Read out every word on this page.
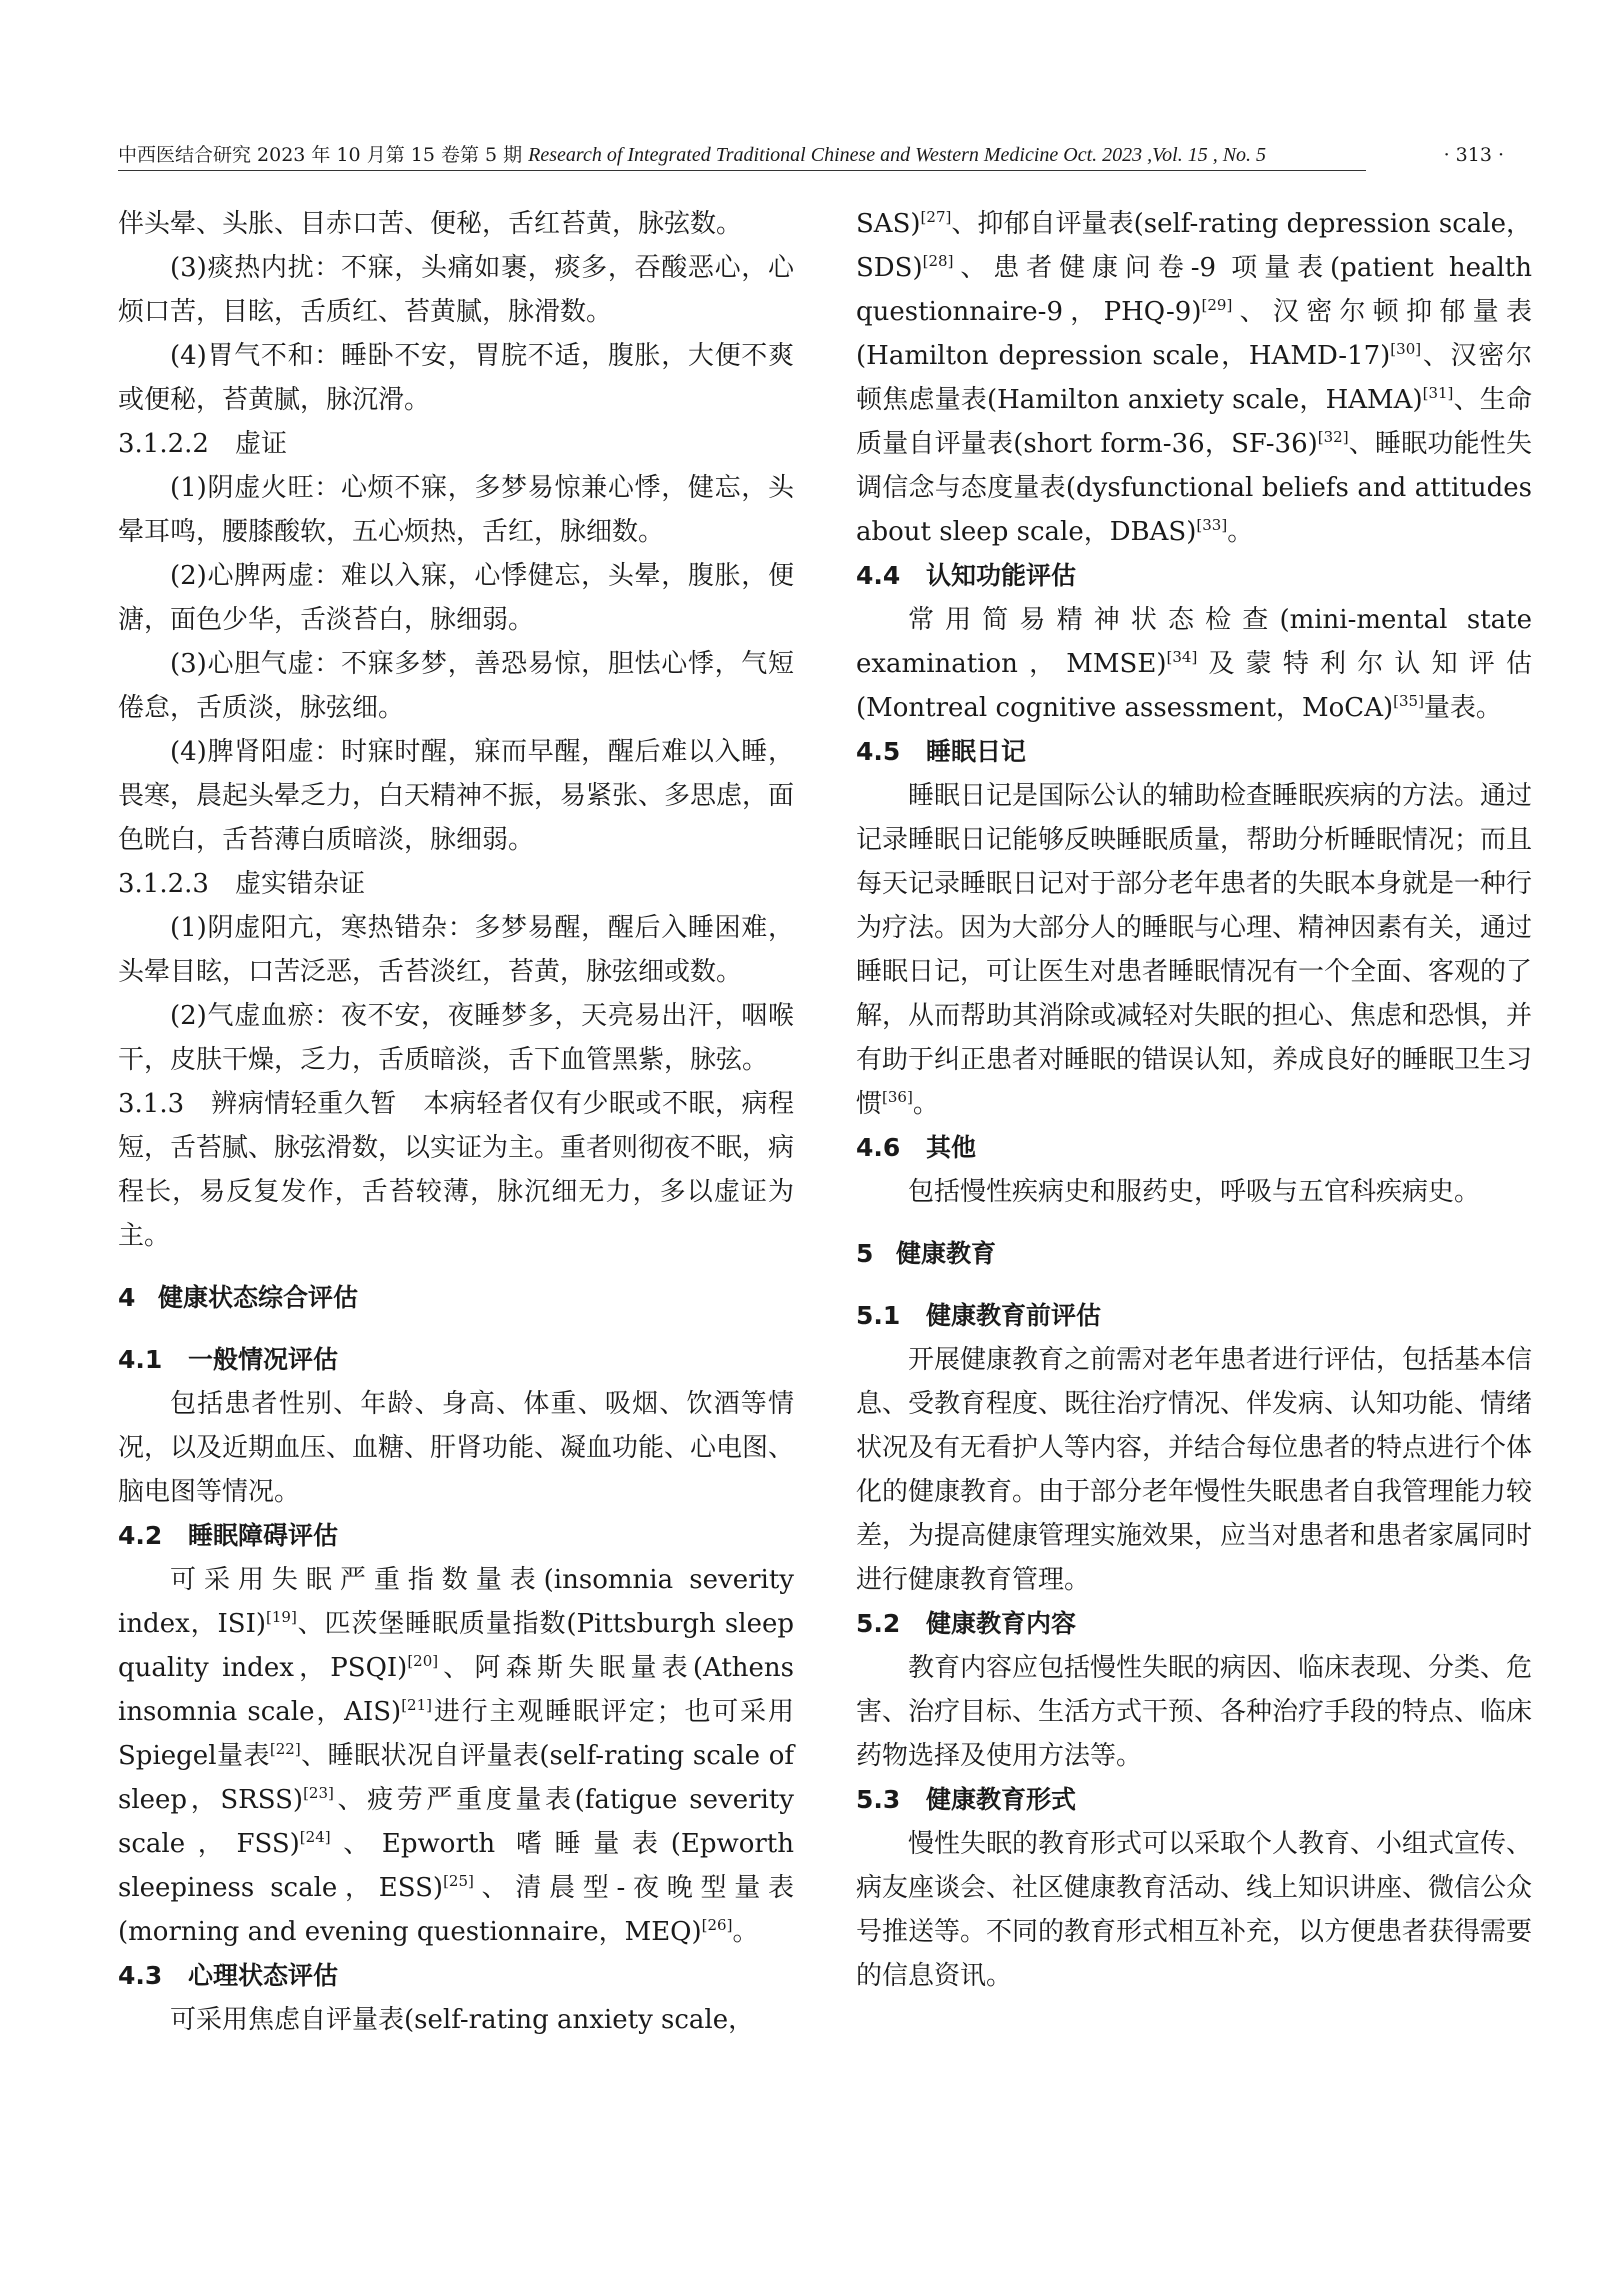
中西医结合研究 2023 年 10 月第 15 卷第 5 期 Research of Integrated Traditional Chinese and Western Medicine Oct. 2023 ,Vol. 15 , No. 5	· 313 ·

伴头晕、头胀、目赤口苦、便秘，舌红苔黄，脉弦数。

(3)痰热内扰：不寐，头痛如裹，痰多，吞酸恶心，心烦口苦，目眩，舌质红、苔黄腻，脉滑数。

(4)胃气不和：睡卧不安，胃脘不适，腹胀，大便不爽或便秘，苔黄腻，脉沉滑。

3.1.2.2　虚证

(1)阴虚火旺：心烦不寐，多梦易惊兼心悸，健忘，头晕耳鸣，腰膝酸软，五心烦热，舌红，脉细数。

(2)心脾两虚：难以入寐，心悸健忘，头晕，腹胀，便溏，面色少华，舌淡苔白，脉细弱。

(3)心胆气虚：不寐多梦，善恐易惊，胆怯心悸，气短倦怠，舌质淡，脉弦细。

(4)脾肾阳虚：时寐时醒，寐而早醒，醒后难以入睡，畏寒，晨起头晕乏力，白天精神不振，易紧张、多思虑，面色晄白，舌苔薄白质暗淡，脉细弱。

3.1.2.3　虚实错杂证

(1)阴虚阳亢，寒热错杂：多梦易醒，醒后入睡困难，头晕目眩，口苦泛恶，舌苔淡红，苔黄，脉弦细或数。

(2)气虚血瘀：夜不安，夜睡梦多，天亮易出汗，咽喉干，皮肤干燥，乏力，舌质暗淡，舌下血管黑紫，脉弦。

3.1.3　辨病情轻重久暂　本病轻者仅有少眠或不眠，病程短，舌苔腻、脉弦滑数，以实证为主。重者则彻夜不眠，病程长，易反复发作，舌苔较薄，脉沉细无力，多以虚证为主。

4 健康状态综合评估
4.1 一般情况评估

包括患者性别、年龄、身高、体重、吸烟、饮酒等情况，以及近期血压、血糖、肝肾功能、凝血功能、心电图、脑电图等情况。

4.2 睡眠障碍评估

可采用失眠严重指数量表(insomnia severity index，ISI)[19]、匹茨堡睡眠质量指数(Pittsburgh sleep quality index，PSQI)[20]、阿森斯失眠量表(Athens insomnia scale，AIS)[21]进行主观睡眠评定；也可采用Spiegel量表[22]、睡眠状况自评量表(self-rating scale of sleep，SRSS)[23]、疲劳严重度量表(fatigue severity scale，FSS)[24]、Epworth 嗜睡量表(Epworth sleepiness scale，ESS)[25]、清晨型-夜晚型量表(morning and evening questionnaire，MEQ)[26]。

4.3 心理状态评估

可采用焦虑自评量表(self-rating anxiety scale，

SAS)[27]、抑郁自评量表(self-rating depression scale，SDS)[28]、患者健康问卷-9 项量表(patient health questionnaire-9，PHQ-9)[29]、汉密尔顿抑郁量表(Hamilton depression scale，HAMD-17)[30]、汉密尔顿焦虑量表(Hamilton anxiety scale，HAMA)[31]、生命质量自评量表(short form-36，SF-36)[32]、睡眠功能性失调信念与态度量表(dysfunctional beliefs and attitudes about sleep scale，DBAS)[33]。

4.4 认知功能评估

常用简易精神状态检查(mini-mental state examination，MMSE)[34]及蒙特利尔认知评估(Montreal cognitive assessment，MoCA)[35]量表。

4.5 睡眠日记

睡眠日记是国际公认的辅助检查睡眠疾病的方法。通过记录睡眠日记能够反映睡眠质量，帮助分析睡眠情况；而且每天记录睡眠日记对于部分老年患者的失眠本身就是一种行为疗法。因为大部分人的睡眠与心理、精神因素有关，通过睡眠日记，可让医生对患者睡眠情况有一个全面、客观的了解，从而帮助其消除或减轻对失眠的担心、焦虑和恐惧，并有助于纠正患者对睡眠的错误认知，养成良好的睡眠卫生习惯[36]。

4.6 其他

包括慢性疾病史和服药史，呼吸与五官科疾病史。

5 健康教育
5.1 健康教育前评估

开展健康教育之前需对老年患者进行评估，包括基本信息、受教育程度、既往治疗情况、伴发病、认知功能、情绪状况及有无看护人等内容，并结合每位患者的特点进行个体化的健康教育。由于部分老年慢性失眠患者自我管理能力较差，为提高健康管理实施效果，应当对患者和患者家属同时进行健康教育管理。

5.2 健康教育内容

教育内容应包括慢性失眠的病因、临床表现、分类、危害、治疗目标、生活方式干预、各种治疗手段的特点、临床药物选择及使用方法等。

5.3 健康教育形式

慢性失眠的教育形式可以采取个人教育、小组式宣传、病友座谈会、社区健康教育活动、线上知识讲座、微信公众号推送等。不同的教育形式相互补充，以方便患者获得需要的信息资讯。
